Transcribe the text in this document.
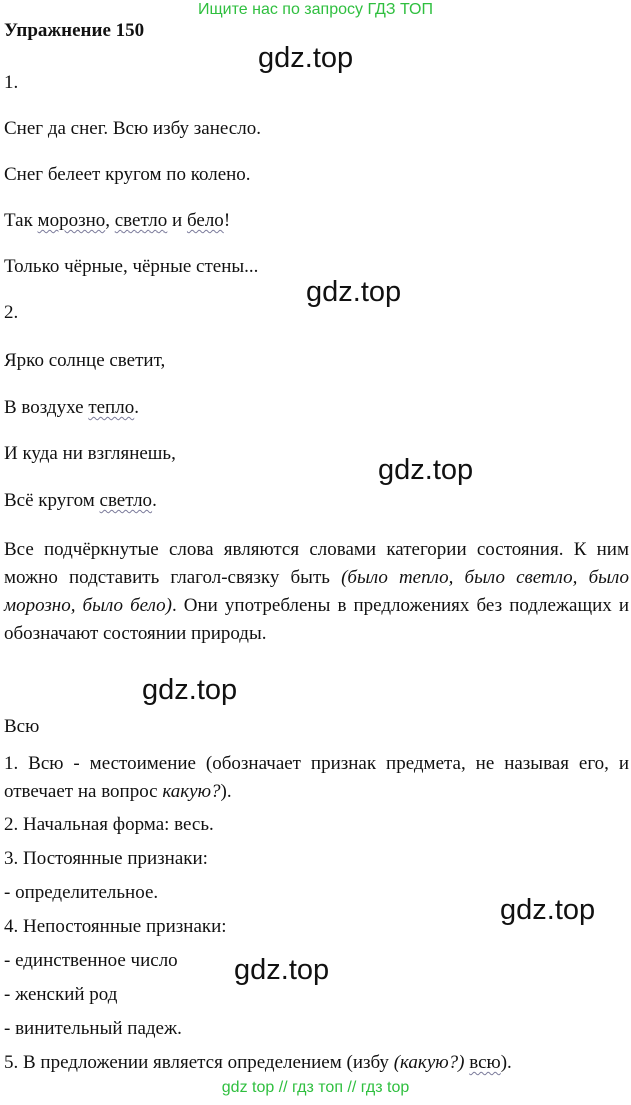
Ищите нас по запросу ГДЗ ТОП
Упражнение 150
gdz.top
1.
Снег да снег. Всю избу занесло.
Снег белеет кругом по колено.
Так морозно, светло и бело!
Только чёрные, чёрные стены...
gdz.top
2.
Ярко солнце светит,
В воздухе тепло.
И куда ни взглянешь,
gdz.top
Всё кругом светло.
Все подчёркнутые слова являются словами категории состояния. К ним можно подставить глагол-связку быть (было тепло, было светло, было морозно, было бело). Они употреблены в предложениях без подлежащих и обозначают состоянии природы.
gdz.top
Всю
1. Всю - местоимение (обозначает признак предмета, не называя его, и отвечает на вопрос какую?).
2. Начальная форма: весь.
3. Постоянные признаки:
- определительное.
gdz.top
4. Непостоянные признаки:
- единственное число gdz.top
- женский род
- винительный падеж.
5. В предложении является определением (избу (какую?) всю).
gdz top // гдз топ // гдз top
